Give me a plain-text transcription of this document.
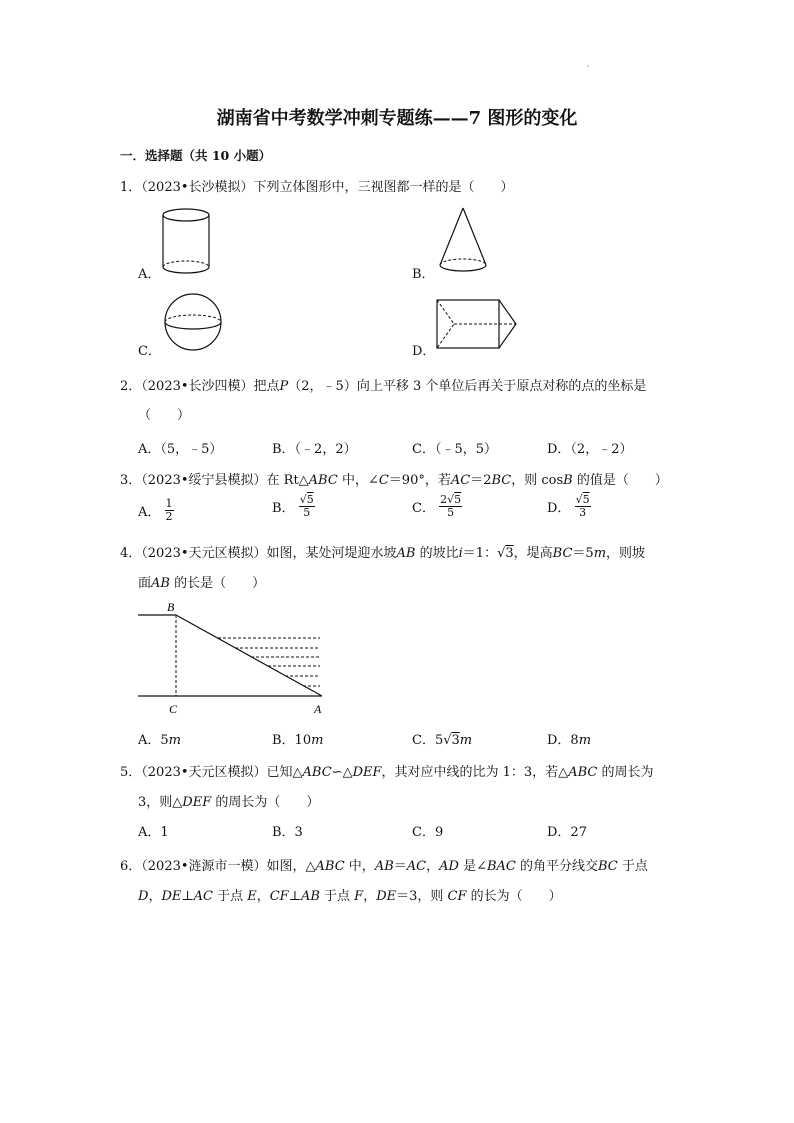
'
湖南省中考数学冲刺专题练——7 图形的变化
一．选择题（共 10 小题）
1．（2023•长沙模拟）下列立体图形中，三视图都一样的是（　　）
A．	B．
C．	D．
2．（2023•长沙四模）把点P（2，﹣5）向上平移 3 个单位后再关于原点对称的点的坐标是
（　　）
A．（5，﹣5）	B．（﹣2，2）	C．（﹣5，5）	D．（2，﹣2）
3．（2023•绥宁县模拟）在 Rt△ABC 中，∠C＝90°，若AC＝2BC，则 cosB 的值是（　　）
A． $\frac{1}{2}$	B． $\frac{√5}{5}$	C． $\frac{2√5}{5}$	D． $\frac{√5}{3}$
4．（2023•天元区模拟）如图，某处河堤迎水坡AB 的坡比i＝1：√3，堤高BC＝5m，则坡
面AB 的长是（　　）
B
C	A
A．5m	B．10m	C．5√3m	D．8m
5．（2023•天元区模拟）已知△ABC∽△DEF，其对应中线的比为 1：3，若△ABC 的周长为
3，则△DEF 的周长为（　　）
A．1	B．3	C．9	D．27
6．（2023•涟源市一模）如图，△ABC 中，AB＝AC，AD 是∠BAC 的角平分线交BC 于点
D，DE⊥AC 于点 E，CF⊥AB 于点 F，DE＝3，则 CF 的长为（　　）
